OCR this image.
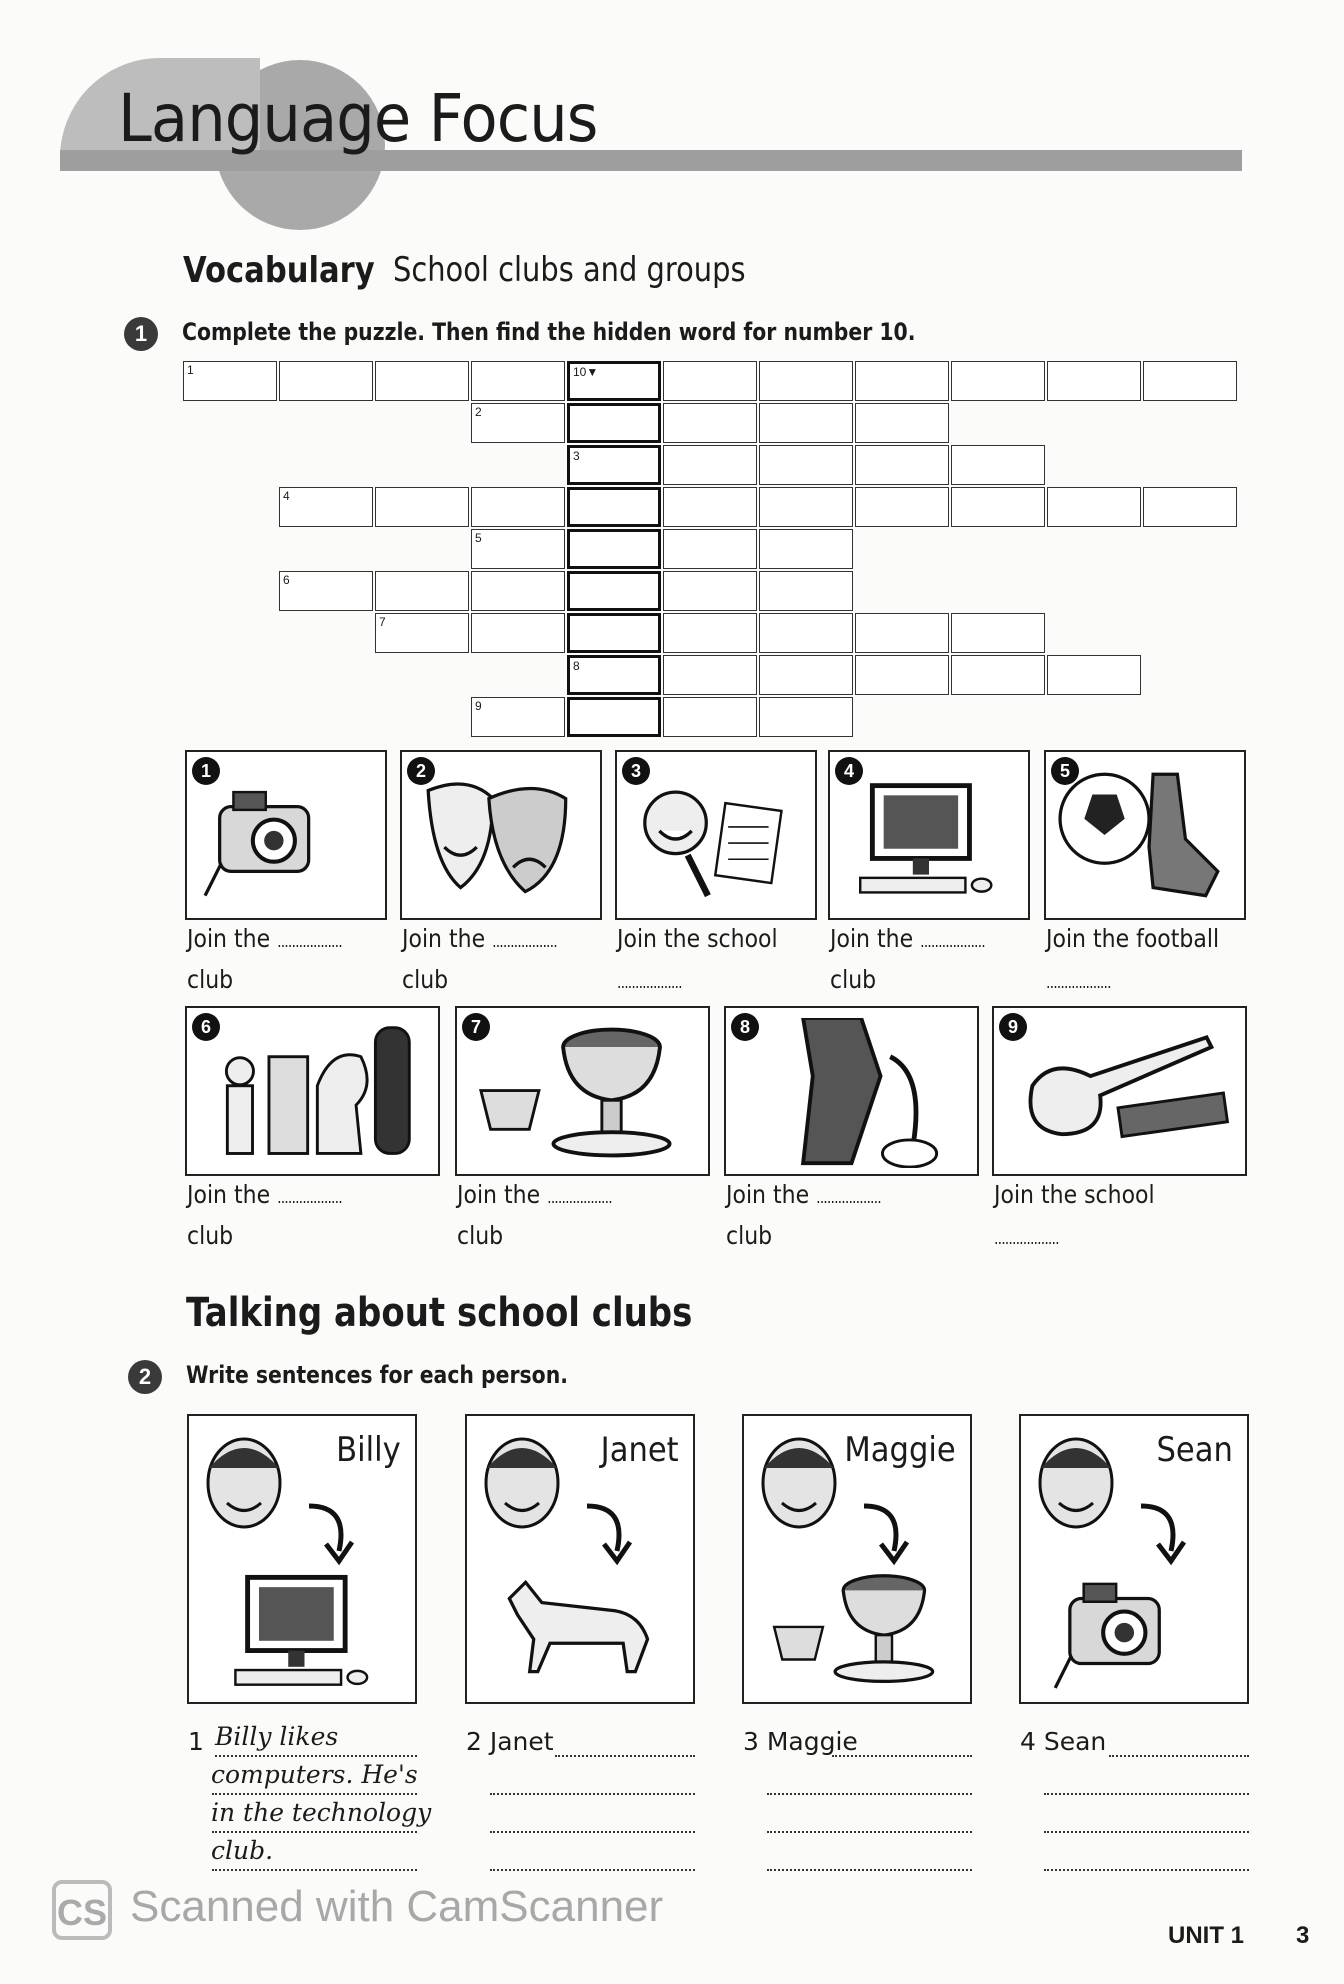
Language Focus
Vocabulary School clubs and groups
1	Complete the puzzle. Then find the hidden word for number 10.
1	10▼
2
3
4
5
6
7
8
9
1
Join the ..................
club
2
Join the ..................
club
3
Join the school
..................
4
Join the ..................
club
5
Join the football
..................
6
Join the ..................
club
7
Join the ..................
club
8
Join the ..................
club
9
Join the school
..................
Talking about school clubs
2	Write sentences for each person.
Billy
1 Billy likes
computers. He's
in the technology
club.
Janet
2 Janet
Maggie
3 Maggie
Sean
4 Sean
CS Scanned with CamScanner
UNIT 1 3
